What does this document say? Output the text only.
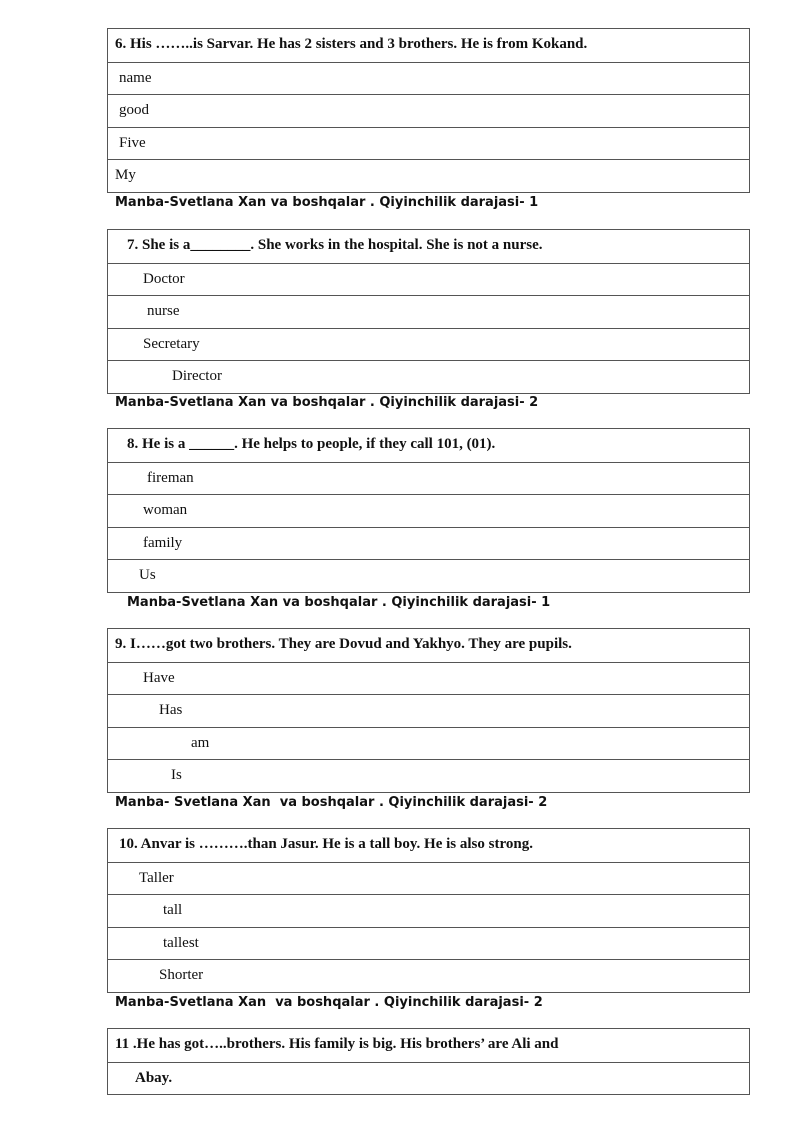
6. His ……..is Sarvar. He has 2 sisters and 3 brothers. He is from Kokand.
name
good
Five
My
Manba-Svetlana Xan va boshqalar . Qiyinchilik darajasi- 1
7. She is a________. She works in the hospital. She is not a nurse.
Doctor
nurse
Secretary
Director
Manba-Svetlana Xan va boshqalar . Qiyinchilik darajasi- 2
8. He is a ______. He helps to people, if they call 101, (01).
fireman
woman
family
Us
Manba-Svetlana Xan va boshqalar . Qiyinchilik darajasi- 1
9. I……got two brothers. They are Dovud and Yakhyo. They are pupils.
Have
Has
am
Is
Manba- Svetlana Xan  va boshqalar . Qiyinchilik darajasi- 2
10. Anvar is ……….than Jasur. He is a tall boy. He is also strong.
Taller
tall
tallest
Shorter
Manba-Svetlana Xan  va boshqalar . Qiyinchilik darajasi- 2
11 .He has got…..brothers. His family is big. His brothers’ are Ali and
Abay.
